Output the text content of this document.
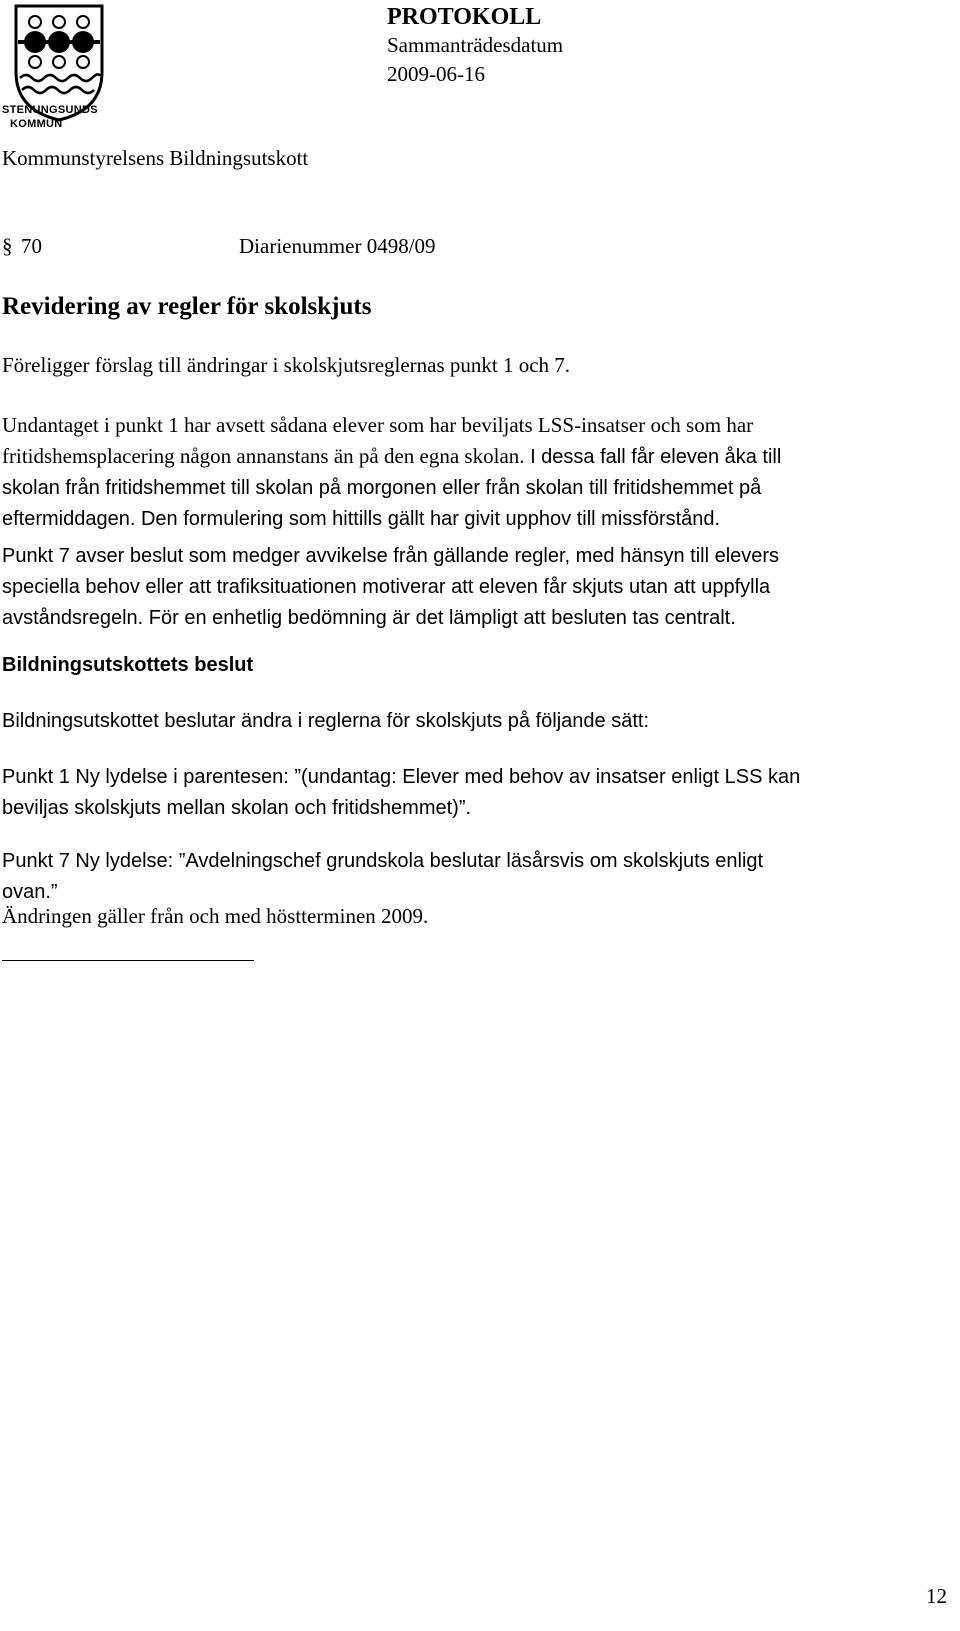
STENUNGSUNDS
KOMMUN
PROTOKOLL
Sammanträdesdatum
2009-06-16
Kommunstyrelsens Bildningsutskott
§ 70	Diarienummer 0498/09
Revidering av regler för skolskjuts
Föreligger förslag till ändringar i skolskjutsreglernas punkt 1 och 7.
Undantaget i punkt 1 har avsett sådana elever som har beviljats LSS-insatser och som har
fritidshemsplacering någon annanstans än på den egna skolan. I dessa fall får eleven åka till
skolan från fritidshemmet till skolan på morgonen eller från skolan till fritidshemmet på
eftermiddagen. Den formulering som hittills gällt har givit upphov till missförstånd.
Punkt 7 avser beslut som medger avvikelse från gällande regler, med hänsyn till elevers
speciella behov eller att trafiksituationen motiverar att eleven får skjuts utan att uppfylla
avståndsregeln. För en enhetlig bedömning är det lämpligt att besluten tas centralt.
Bildningsutskottets beslut
Bildningsutskottet beslutar ändra i reglerna för skolskjuts på följande sätt:
Punkt 1 Ny lydelse i parentesen: ”(undantag: Elever med behov av insatser enligt LSS kan
beviljas skolskjuts mellan skolan och fritidshemmet)”.
Punkt 7 Ny lydelse: ”Avdelningschef grundskola beslutar läsårsvis om skolskjuts enligt
ovan.”
Ändringen gäller från och med höstterminen 2009.
12
